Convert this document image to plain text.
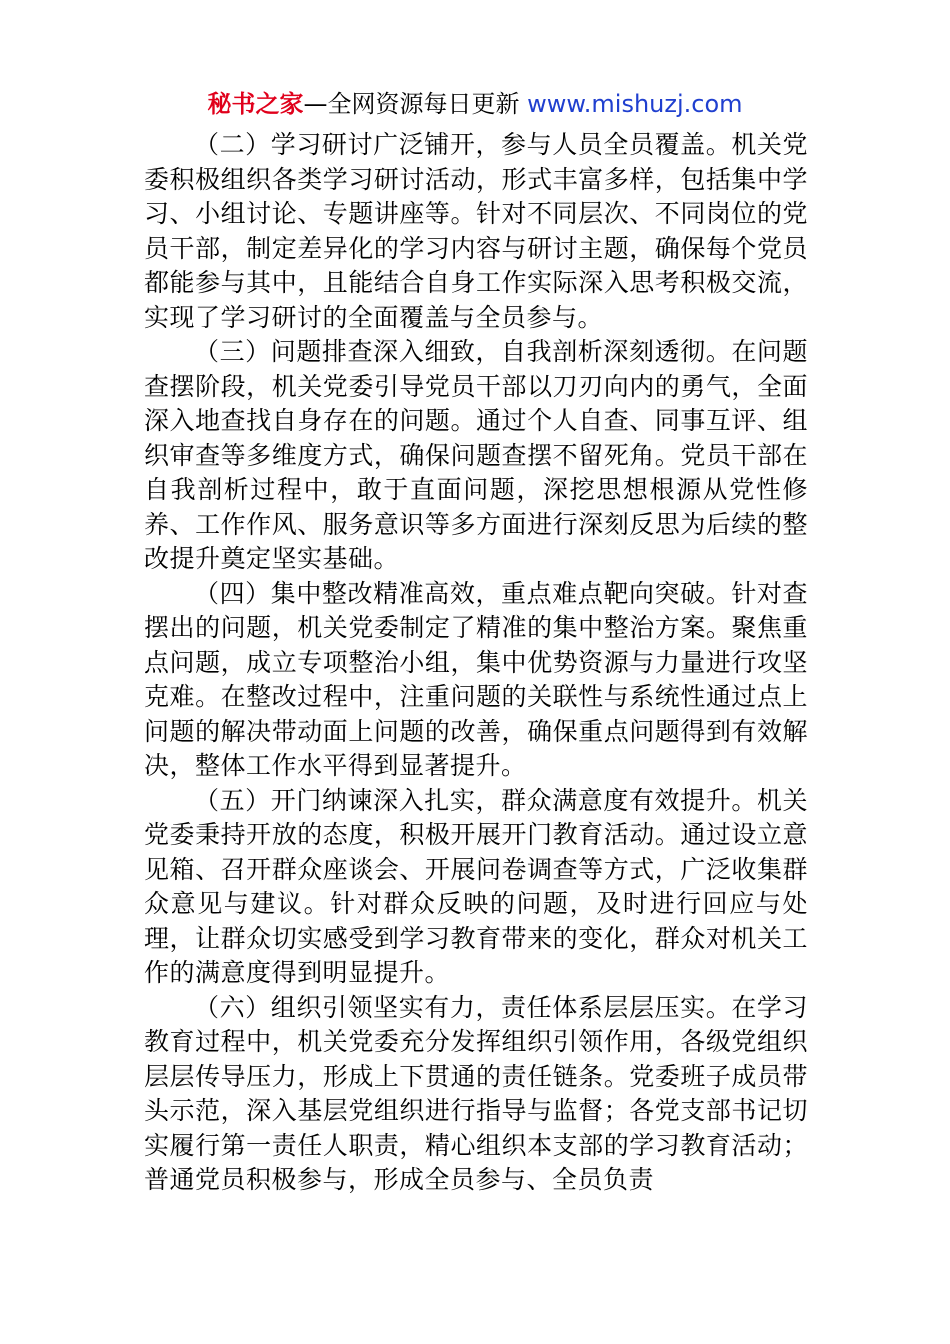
秘书之家—全网资源每日更新 www.mishuzj.com

（二）学习研讨广泛铺开，参与人员全员覆盖。机关党委积极组织各类学习研讨活动，形式丰富多样，包括集中学习、小组讨论、专题讲座等。针对不同层次、不同岗位的党员干部，制定差异化的学习内容与研讨主题，确保每个党员都能参与其中，且能结合自身工作实际深入思考积极交流，实现了学习研讨的全面覆盖与全员参与。

（三）问题排查深入细致，自我剖析深刻透彻。在问题查摆阶段，机关党委引导党员干部以刀刃向内的勇气，全面深入地查找自身存在的问题。通过个人自查、同事互评、组织审查等多维度方式，确保问题查摆不留死角。党员干部在自我剖析过程中，敢于直面问题，深挖思想根源从党性修养、工作作风、服务意识等多方面进行深刻反思为后续的整改提升奠定坚实基础。

（四）集中整改精准高效，重点难点靶向突破。针对查摆出的问题，机关党委制定了精准的集中整治方案。聚焦重点问题，成立专项整治小组，集中优势资源与力量进行攻坚克难。在整改过程中，注重问题的关联性与系统性通过点上问题的解决带动面上问题的改善，确保重点问题得到有效解决，整体工作水平得到显著提升。

（五）开门纳谏深入扎实，群众满意度有效提升。机关党委秉持开放的态度，积极开展开门教育活动。通过设立意见箱、召开群众座谈会、开展问卷调查等方式，广泛收集群众意见与建议。针对群众反映的问题，及时进行回应与处理，让群众切实感受到学习教育带来的变化，群众对机关工作的满意度得到明显提升。

（六）组织引领坚实有力，责任体系层层压实。在学习教育过程中，机关党委充分发挥组织引领作用，各级党组织层层传导压力，形成上下贯通的责任链条。党委班子成员带头示范，深入基层党组织进行指导与监督；各党支部书记切实履行第一责任人职责，精心组织本支部的学习教育活动；普通党员积极参与，形成全员参与、全员负责
